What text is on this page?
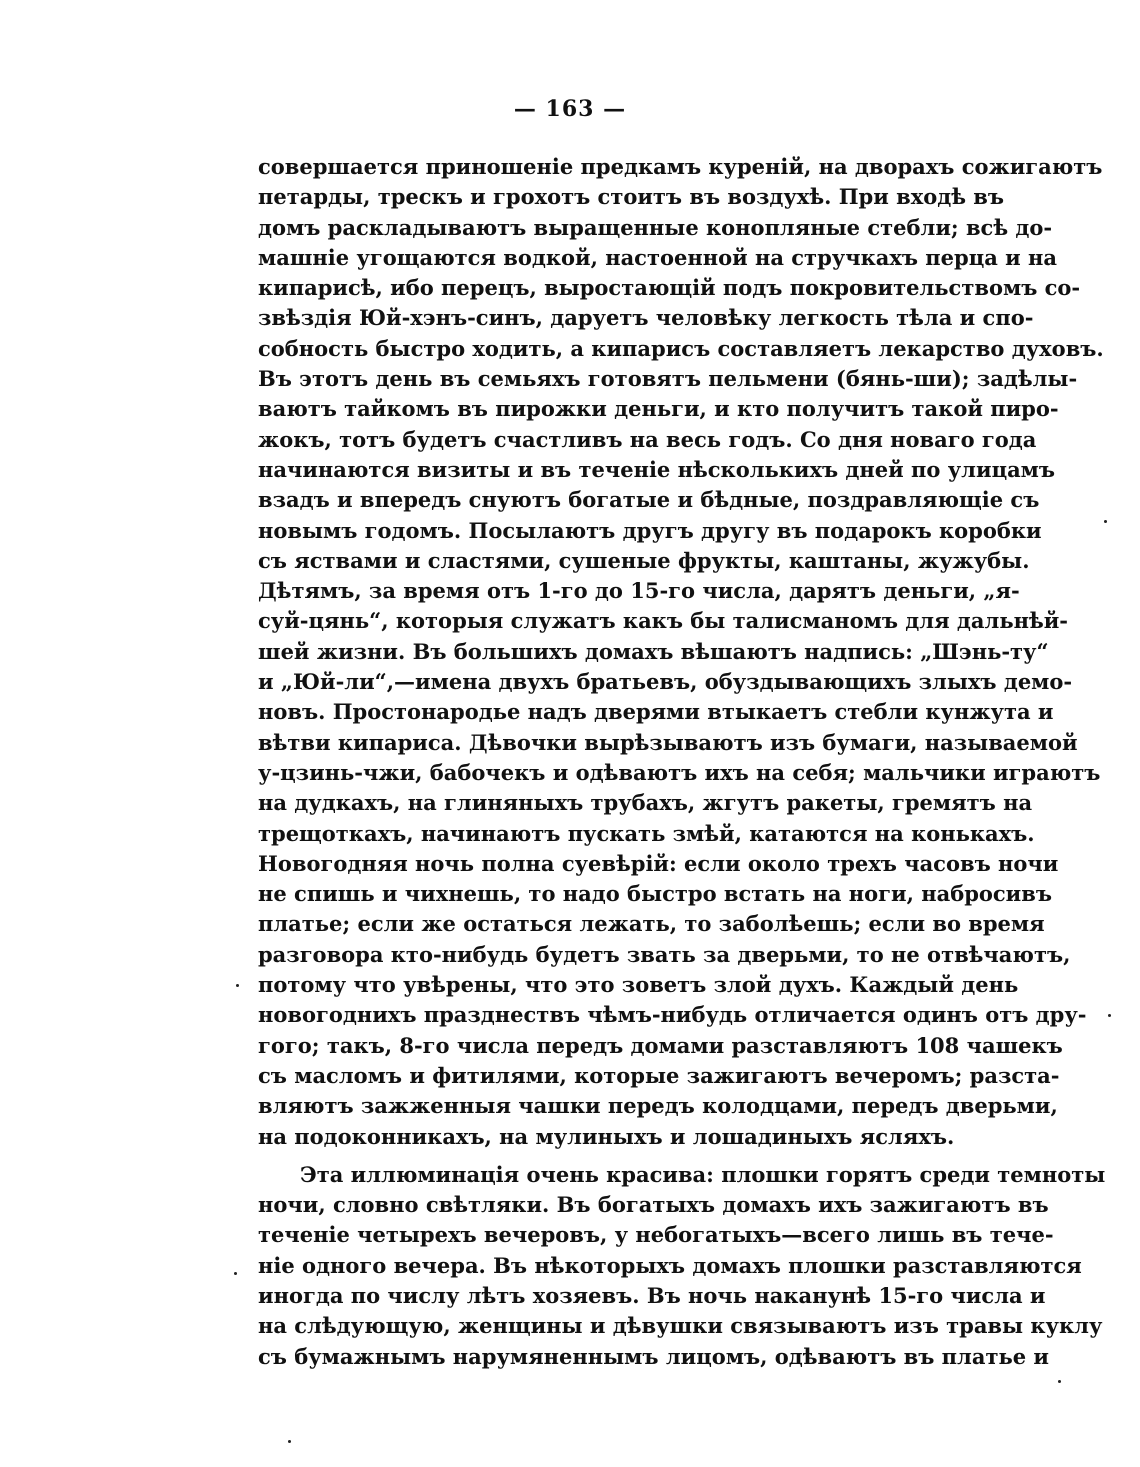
— 163 —
совершается приношеніе предкамъ куреній, на дворахъ сожигаютъ
петарды, трескъ и грохотъ стоитъ въ воздухѣ. При входѣ въ
домъ раскладываютъ выращенные конопляные стебли; всѣ до-
машніе угощаются водкой, настоенной на стручкахъ перца и на
кипарисѣ, ибо перецъ, выростающій подъ покровительствомъ со-
звѣздія Юй-хэнъ-синъ, даруетъ человѣку легкость тѣла и спо-
собность быстро ходить, а кипарисъ составляетъ лекарство духовъ.
Въ этотъ день въ семьяхъ готовятъ пельмени (бянь-ши); задѣлы-
ваютъ тайкомъ въ пирожки деньги, и кто получитъ такой пиро-
жокъ, тотъ будетъ счастливъ на весь годъ. Со дня новаго года
начинаются визиты и въ теченіе нѣсколькихъ дней по улицамъ
взадъ и впередъ снуютъ богатые и бѣдные, поздравляющіе съ
новымъ годомъ. Посылаютъ другъ другу въ подарокъ коробки
съ яствами и сластями, сушеные фрукты, каштаны, жужубы.
Дѣтямъ, за время отъ 1-го до 15-го числа, дарятъ деньги, „я-
суй-цянь“, которыя служатъ какъ бы талисманомъ для дальнѣй-
шей жизни. Въ большихъ домахъ вѣшаютъ надпись: „Шэнь-ту“
и „Юй-ли“,—имена двухъ братьевъ, обуздывающихъ злыхъ демо-
новъ. Простонародье надъ дверями втыкаетъ стебли кунжута и
вѣтви кипариса. Дѣвочки вырѣзываютъ изъ бумаги, называемой
у-цзинь-чжи, бабочекъ и одѣваютъ ихъ на себя; мальчики играютъ
на дудкахъ, на глиняныхъ трубахъ, жгутъ ракеты, гремятъ на
трещоткахъ, начинаютъ пускать змѣй, катаются на конькахъ.
Новогодняя ночь полна суевѣрій: если около трехъ часовъ ночи
не спишь и чихнешь, то надо быстро встать на ноги, набросивъ
платье; если же остаться лежать, то заболѣешь; если во время
разговора кто-нибудь будетъ звать за дверьми, то не отвѣчаютъ,
потому что увѣрены, что это зоветъ злой духъ. Каждый день
новогоднихъ празднествъ чѣмъ-нибудь отличается одинъ отъ дру-
гого; такъ, 8-го числа передъ домами разставляютъ 108 чашекъ
съ масломъ и фитилями, которые зажигаютъ вечеромъ; разста-
вляютъ зажженныя чашки передъ колодцами, передъ дверьми,
на подоконникахъ, на мулиныхъ и лошадиныхъ ясляхъ.
Эта иллюминація очень красива: плошки горятъ среди темноты
ночи, словно свѣтляки. Въ богатыхъ домахъ ихъ зажигаютъ въ
теченіе четырехъ вечеровъ, у небогатыхъ—всего лишь въ тече-
ніе одного вечера. Въ нѣкоторыхъ домахъ плошки разставляются
иногда по числу лѣтъ хозяевъ. Въ ночь наканунѣ 15-го числа и
на слѣдующую, женщины и дѣвушки связываютъ изъ травы куклу
съ бумажнымъ нарумяненнымъ лицомъ, одѣваютъ въ платье и
